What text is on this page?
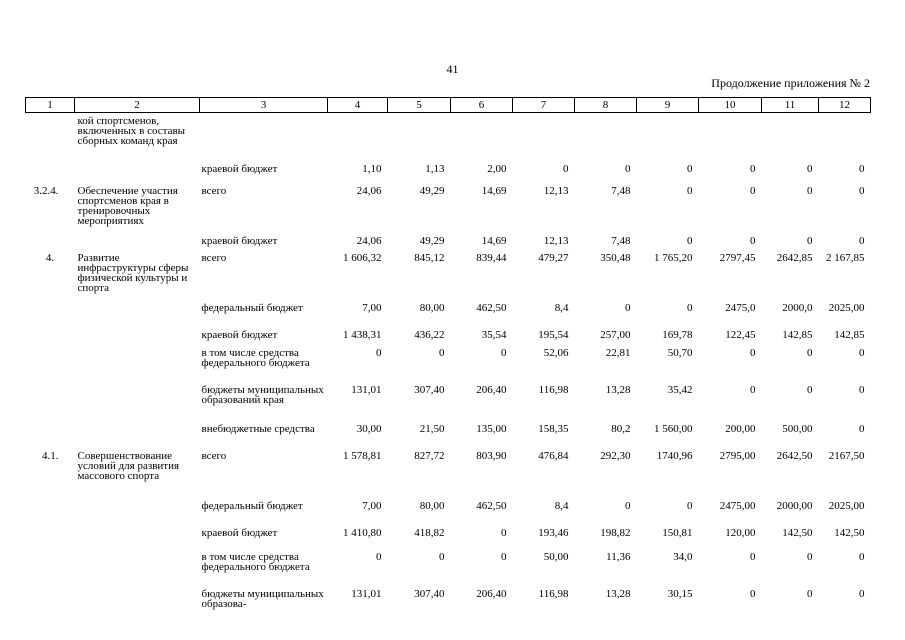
41
Продолжение приложения № 2
1	2	3	4	5	6	7	8	9	10	11	12
	кой спортсменов, включенных в составы сборных команд края										
		краевой бюджет	1,10	1,13	2,00	0	0	0	0	0	0
3.2.4.	Обеспечение участия спортсменов края в тренировочных мероприятиях	всего	24,06	49,29	14,69	12,13	7,48	0	0	0	0
		краевой бюджет	24,06	49,29	14,69	12,13	7,48	0	0	0	0
4.	Развитие инфраструктуры сферы физической культуры и спорта	всего	1 606,32	845,12	839,44	479,27	350,48	1 765,20	2797,45	2642,85	2 167,85
		федеральный бюджет	7,00	80,00	462,50	8,4	0	0	2475,0	2000,0	2025,00
		краевой бюджет	1 438,31	436,22	35,54	195,54	257,00	169,78	122,45	142,85	142,85
		в том числе средства федерального бюджета	0	0	0	52,06	22,81	50,70	0	0	0
		бюджеты муниципальных образований края	131,01	307,40	206,40	116,98	13,28	35,42	0	0	0
		внебюджетные средства	30,00	21,50	135,00	158,35	80,2	1 560,00	200,00	500,00	0
4.1.	Совершенствование условий для развития массового спорта	всего	1 578,81	827,72	803,90	476,84	292,30	1740,96	2795,00	2642,50	2167,50
		федеральный бюджет	7,00	80,00	462,50	8,4	0	0	2475,00	2000,00	2025,00
		краевой бюджет	1 410,80	418,82	0	193,46	198,82	150,81	120,00	142,50	142,50
		в том числе средства федерального бюджета	0	0	0	50,00	11,36	34,0	0	0	0
		бюджеты муниципальных образова-	131,01	307,40	206,40	116,98	13,28	30,15	0	0	0
